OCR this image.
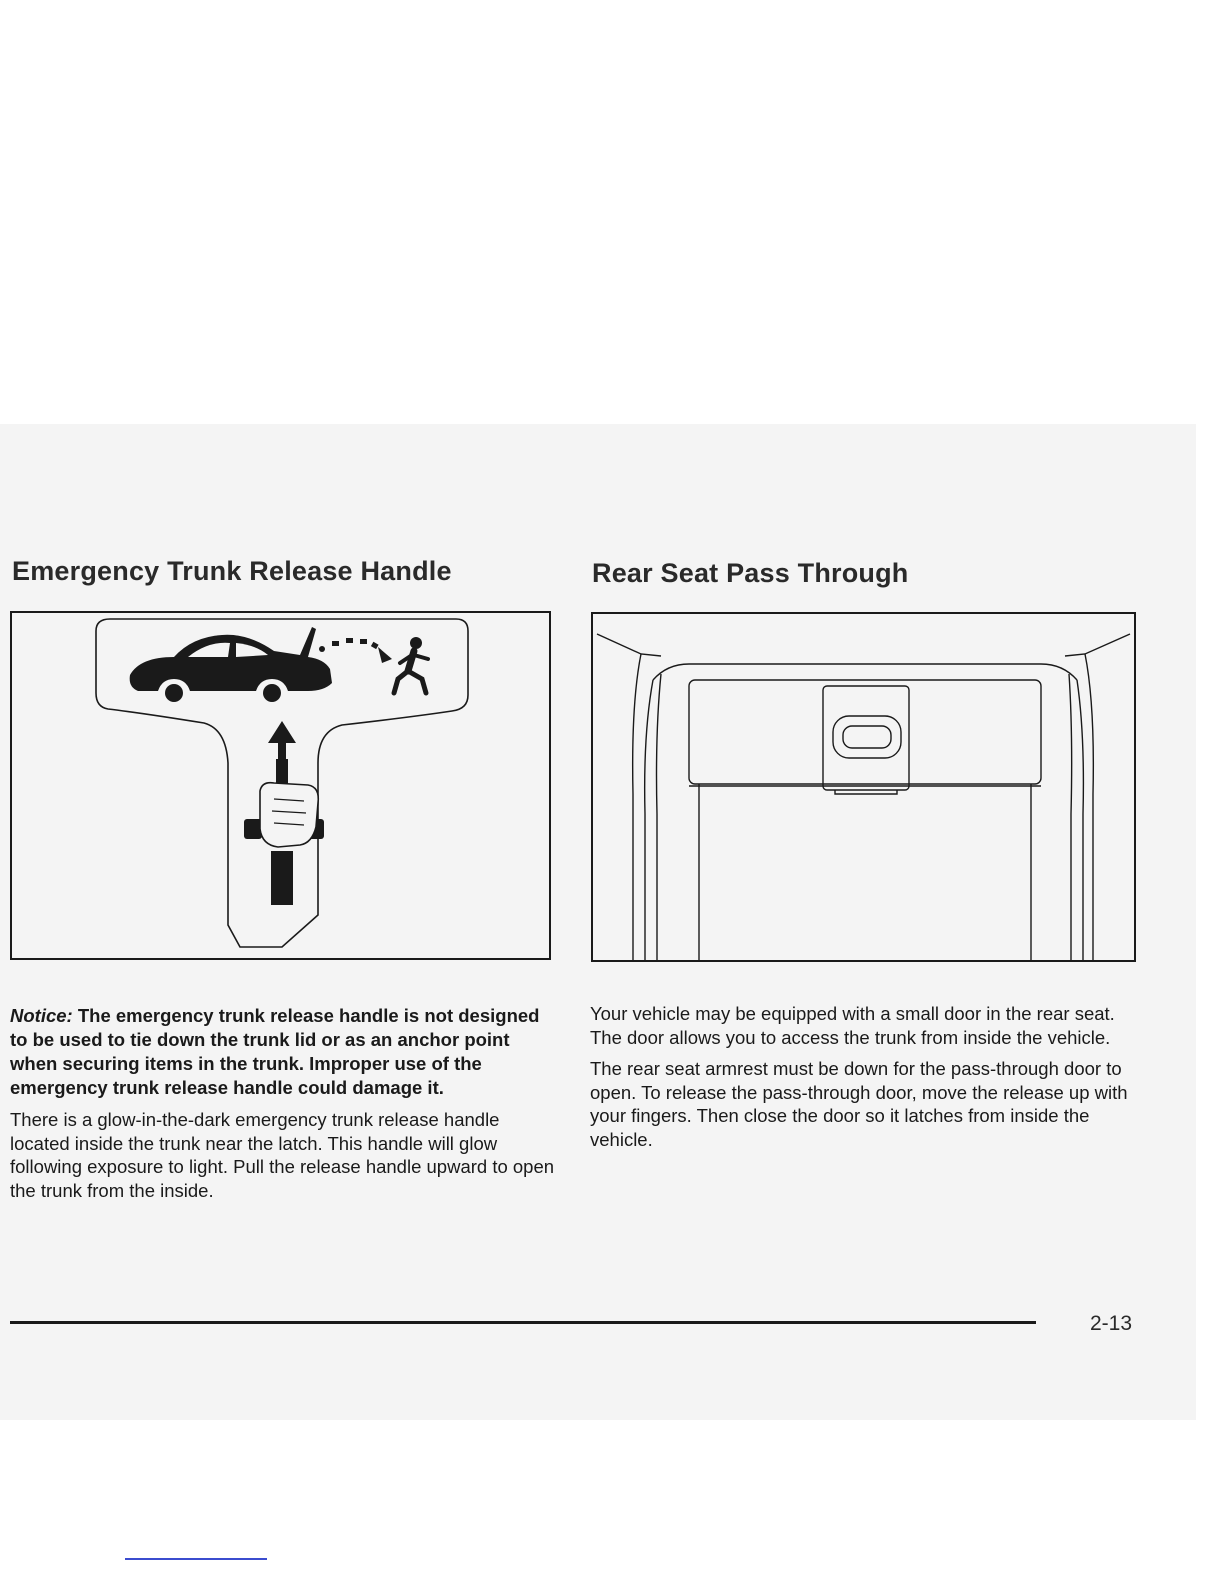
Emergency Trunk Release Handle

Notice: The emergency trunk release handle is not designed to be used to tie down the trunk lid or as an anchor point when securing items in the trunk. Improper use of the emergency trunk release handle could damage it.

There is a glow-in-the-dark emergency trunk release handle located inside the trunk near the latch. This handle will glow following exposure to light. Pull the release handle upward to open the trunk from the inside.

Rear Seat Pass Through

Your vehicle may be equipped with a small door in the rear seat. The door allows you to access the trunk from inside the vehicle.

The rear seat armrest must be down for the pass-through door to open. To release the pass-through door, move the release up with your fingers. Then close the door so it latches from inside the vehicle.

2-13
